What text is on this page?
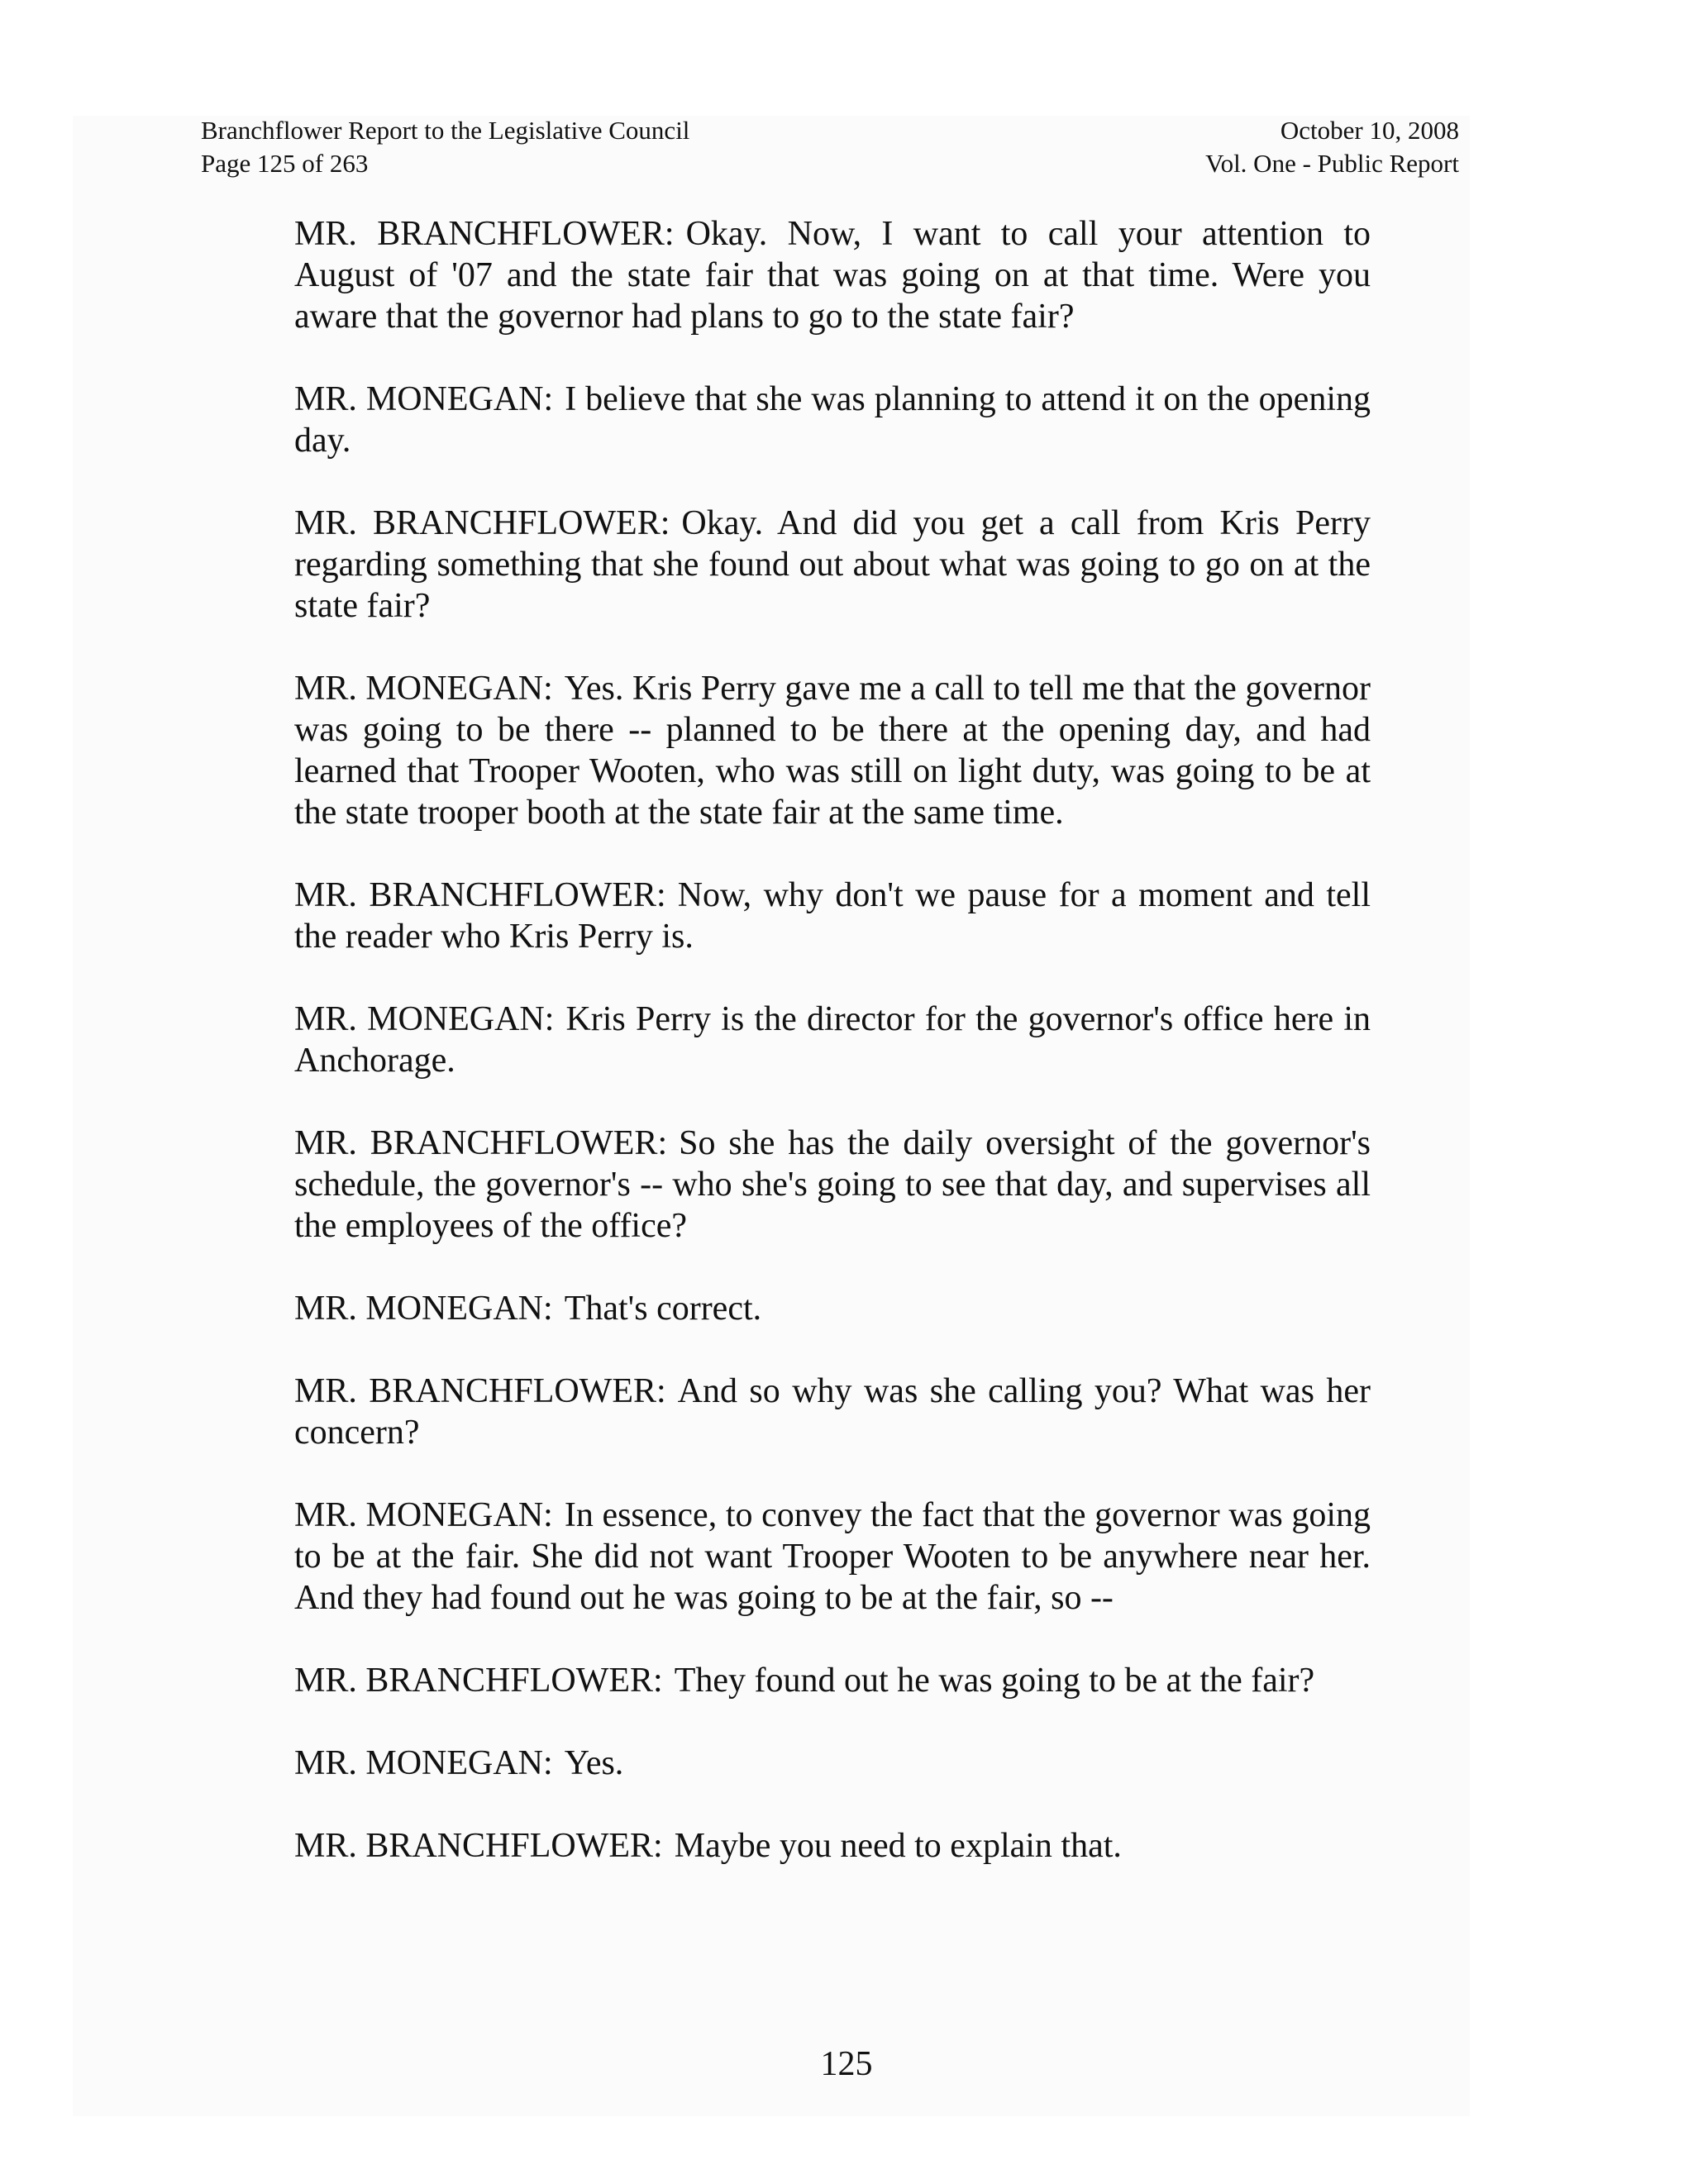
Branchflower Report to the Legislative Council
Page 125 of 263
October 10, 2008
Vol. One - Public Report

MR. BRANCHFLOWER: Okay. Now, I want to call your attention to August of '07 and the state fair that was going on at that time. Were you aware that the governor had plans to go to the state fair?

MR. MONEGAN: I believe that she was planning to attend it on the opening day.

MR. BRANCHFLOWER: Okay. And did you get a call from Kris Perry regarding something that she found out about what was going to go on at the state fair?

MR. MONEGAN: Yes. Kris Perry gave me a call to tell me that the governor was going to be there -- planned to be there at the opening day, and had learned that Trooper Wooten, who was still on light duty, was going to be at the state trooper booth at the state fair at the same time.

MR. BRANCHFLOWER: Now, why don't we pause for a moment and tell the reader who Kris Perry is.

MR. MONEGAN: Kris Perry is the director for the governor's office here in Anchorage.

MR. BRANCHFLOWER: So she has the daily oversight of the governor's schedule, the governor's -- who she's going to see that day, and supervises all the employees of the office?

MR. MONEGAN: That's correct.

MR. BRANCHFLOWER: And so why was she calling you? What was her concern?

MR. MONEGAN: In essence, to convey the fact that the governor was going to be at the fair. She did not want Trooper Wooten to be anywhere near her. And they had found out he was going to be at the fair, so --

MR. BRANCHFLOWER: They found out he was going to be at the fair?

MR. MONEGAN: Yes.

MR. BRANCHFLOWER: Maybe you need to explain that.

125
